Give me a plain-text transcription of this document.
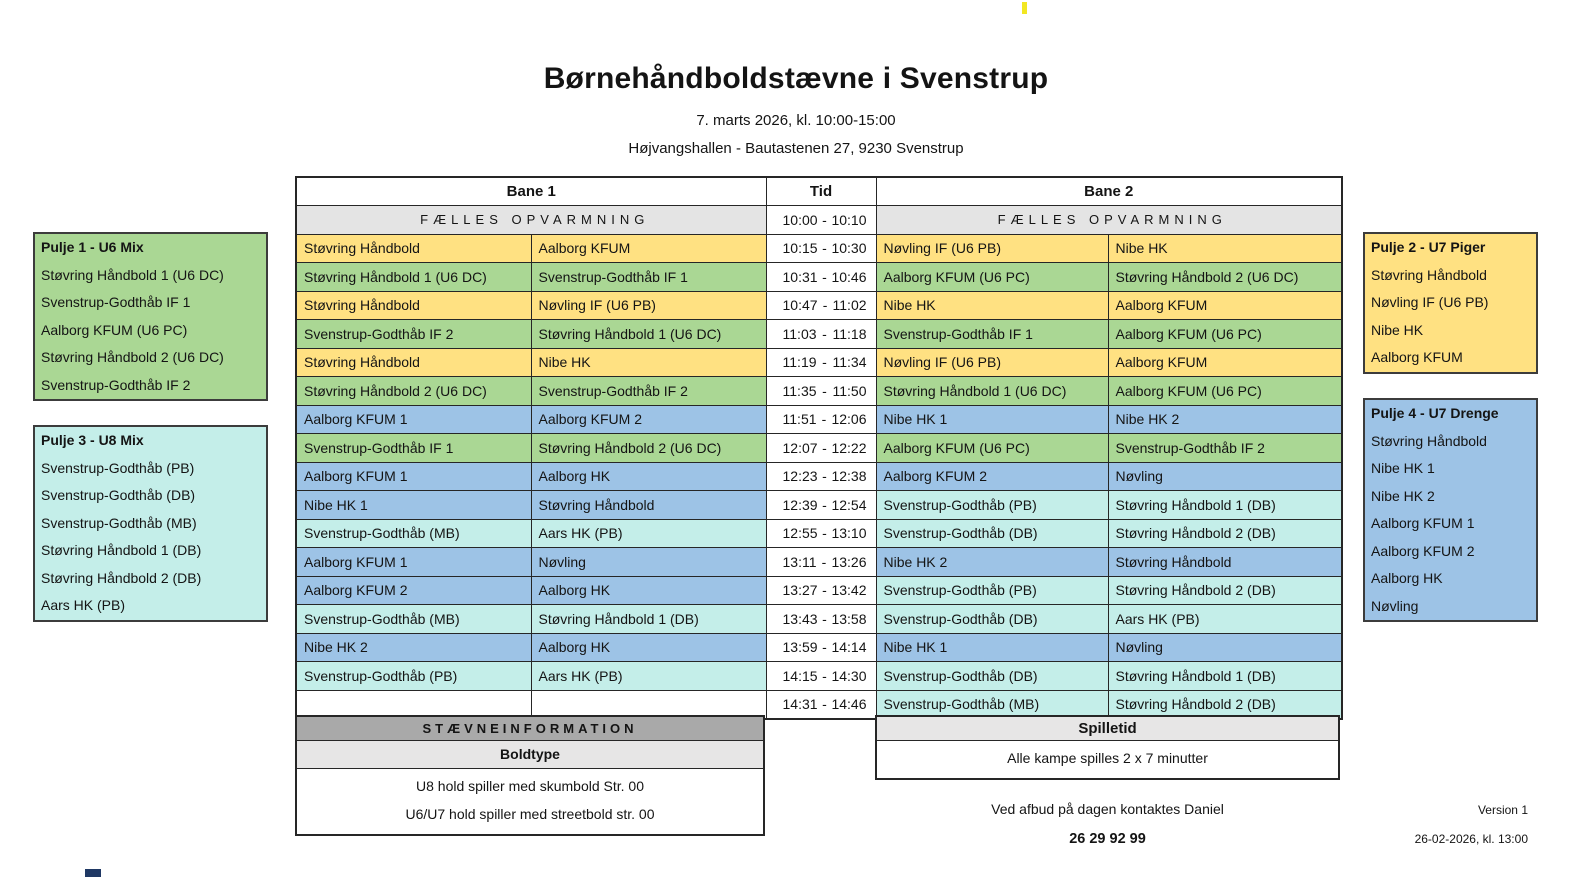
Børnehåndboldstævne i Svenstrup
7. marts 2026, kl. 10:00-15:00
Højvangshallen - Bautastenen 27, 9230 Svenstrup
Bane 1		Tid	Bane 2	
FÆLLES OPVARMNING		10:00 - 10:10	FÆLLES OPVARMNING	
Støvring Håndbold	Aalborg KFUM	10:15 - 10:30	Nøvling IF (U6 PB)	Nibe HK
Støvring Håndbold 1 (U6 DC)	Svenstrup-Godthåb IF 1	10:31 - 10:46	Aalborg KFUM (U6 PC)	Støvring Håndbold 2 (U6 DC)
Støvring Håndbold	Nøvling IF (U6 PB)	10:47 - 11:02	Nibe HK	Aalborg KFUM
Svenstrup-Godthåb IF 2	Støvring Håndbold 1 (U6 DC)	11:03 - 11:18	Svenstrup-Godthåb IF 1	Aalborg KFUM (U6 PC)
Støvring Håndbold	Nibe HK	11:19 - 11:34	Nøvling IF (U6 PB)	Aalborg KFUM
Støvring Håndbold 2 (U6 DC)	Svenstrup-Godthåb IF 2	11:35 - 11:50	Støvring Håndbold 1 (U6 DC)	Aalborg KFUM (U6 PC)
Aalborg KFUM 1	Aalborg KFUM 2	11:51 - 12:06	Nibe HK 1	Nibe HK 2
Svenstrup-Godthåb IF 1	Støvring Håndbold 2 (U6 DC)	12:07 - 12:22	Aalborg KFUM (U6 PC)	Svenstrup-Godthåb IF 2
Aalborg KFUM 1	Aalborg HK	12:23 - 12:38	Aalborg KFUM 2	Nøvling
Nibe HK 1	Støvring Håndbold	12:39 - 12:54	Svenstrup-Godthåb (PB)	Støvring Håndbold 1 (DB)
Svenstrup-Godthåb (MB)	Aars HK (PB)	12:55 - 13:10	Svenstrup-Godthåb (DB)	Støvring Håndbold 2 (DB)
Aalborg KFUM 1	Nøvling	13:11 - 13:26	Nibe HK 2	Støvring Håndbold
Aalborg KFUM 2	Aalborg HK	13:27 - 13:42	Svenstrup-Godthåb (PB)	Støvring Håndbold 2 (DB)
Svenstrup-Godthåb (MB)	Støvring Håndbold 1 (DB)	13:43 - 13:58	Svenstrup-Godthåb (DB)	Aars HK (PB)
Nibe HK 2	Aalborg HK	13:59 - 14:14	Nibe HK 1	Nøvling
Svenstrup-Godthåb (PB)	Aars HK (PB)	14:15 - 14:30	Svenstrup-Godthåb (DB)	Støvring Håndbold 1 (DB)

		14:31 - 14:46	Svenstrup-Godthåb (MB)	Støvring Håndbold 2 (DB)
Pulje 1 - U6 Mix
Støvring Håndbold 1 (U6 DC)
Svenstrup-Godthåb IF 1
Aalborg KFUM (U6 PC)
Støvring Håndbold 2 (U6 DC)
Svenstrup-Godthåb IF 2
Pulje 2 - U7 Piger
Støvring Håndbold
Nøvling IF (U6 PB)
Nibe HK
Aalborg KFUM
Pulje 3 - U8 Mix
Svenstrup-Godthåb (PB)
Svenstrup-Godthåb (DB)
Svenstrup-Godthåb (MB)
Støvring Håndbold 1 (DB)
Støvring Håndbold 2 (DB)
Aars HK (PB)
Pulje 4 - U7 Drenge
Støvring Håndbold
Nibe HK 1
Nibe HK 2
Aalborg KFUM 1
Aalborg KFUM 2
Aalborg HK
Nøvling
STÆVNEINFORMATION
Boldtype
U8 hold spiller med skumbold Str. 00
U6/U7 hold spiller med streetbold str. 00
Spilletid
Alle kampe spilles 2 x 7 minutter
Ved afbud på dagen kontaktes Daniel
26 29 92 99
Version 1
26-02-2026, kl. 13:00
